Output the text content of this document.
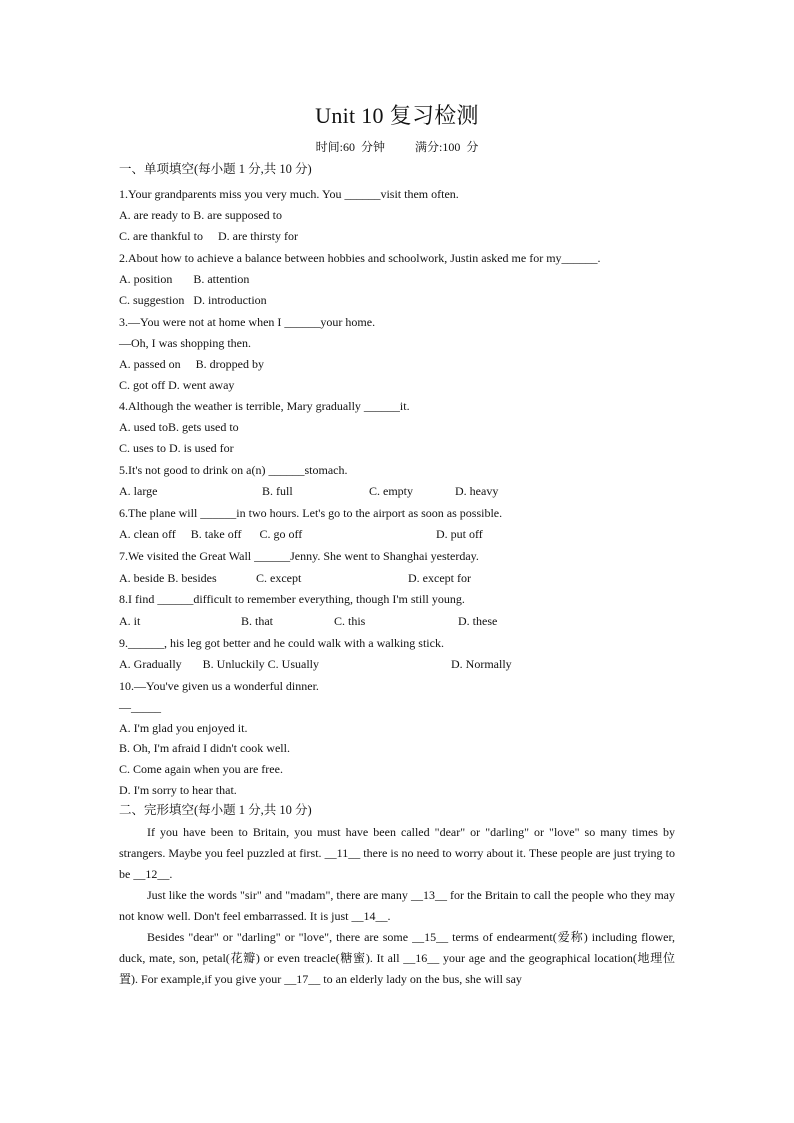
Unit 10 复习检测
时间:60  分钟          满分:100  分
一、单项填空(每小题 1 分,共 10 分)
1.Your grandparents miss you very much. You ______visit them often.
A. are ready to B. are supposed to
C. are thankful to     D. are thirsty for
2.About how to achieve a balance between hobbies and schoolwork, Justin asked me for my______.
A. position       B. attention
C. suggestion   D. introduction
3.—You were not at home when I ______your home.
—Oh, I was shopping then.
A. passed on     B. dropped by
C. got off D. went away
4.Although the weather is terrible, Mary gradually ______it.
A. used toB. gets used to
C. uses to D. is used for
5.It's not good to drink on a(n) ______stomach.
A. large	B. full	C. empty	D. heavy
6.The plane will ______in two hours. Let's go to the airport as soon as possible.
A. clean off     B. take off      C. go off	D. put off
7.We visited the Great Wall ______Jenny. She went to Shanghai yesterday.
A. beside B. besides	C. except	D. except for
8.I find ______difficult to remember everything, though I'm still young.
A. it	B. that	C. this	D. these
9.______, his leg got better and he could walk with a walking stick.
A. Gradually       B. Unluckily C. Usually	D. Normally
10.—You've given us a wonderful dinner.
—_____
A. I'm glad you enjoyed it.
B. Oh, I'm afraid I didn't cook well.
C. Come again when you are free.
D. I'm sorry to hear that.
二、完形填空(每小题 1 分,共 10 分)

If you have been to Britain, you must have been called "dear" or "darling" or "love" so many times by strangers. Maybe you feel puzzled at first. __11__ there is no need to worry about it. These people are just trying to be __12__.

Just like the words "sir" and "madam", there are many __13__ for the Britain to call the people who they may not know well. Don't feel embarrassed. It is just __14__.

Besides "dear" or "darling" or "love", there are some __15__ terms of endearment(爱称) including flower, duck, mate, son, petal(花瓣) or even treacle(糖蜜). It all __16__ your age and the geographical location(地理位置). For example,if you give your __17__ to an elderly lady on the bus, she will say
